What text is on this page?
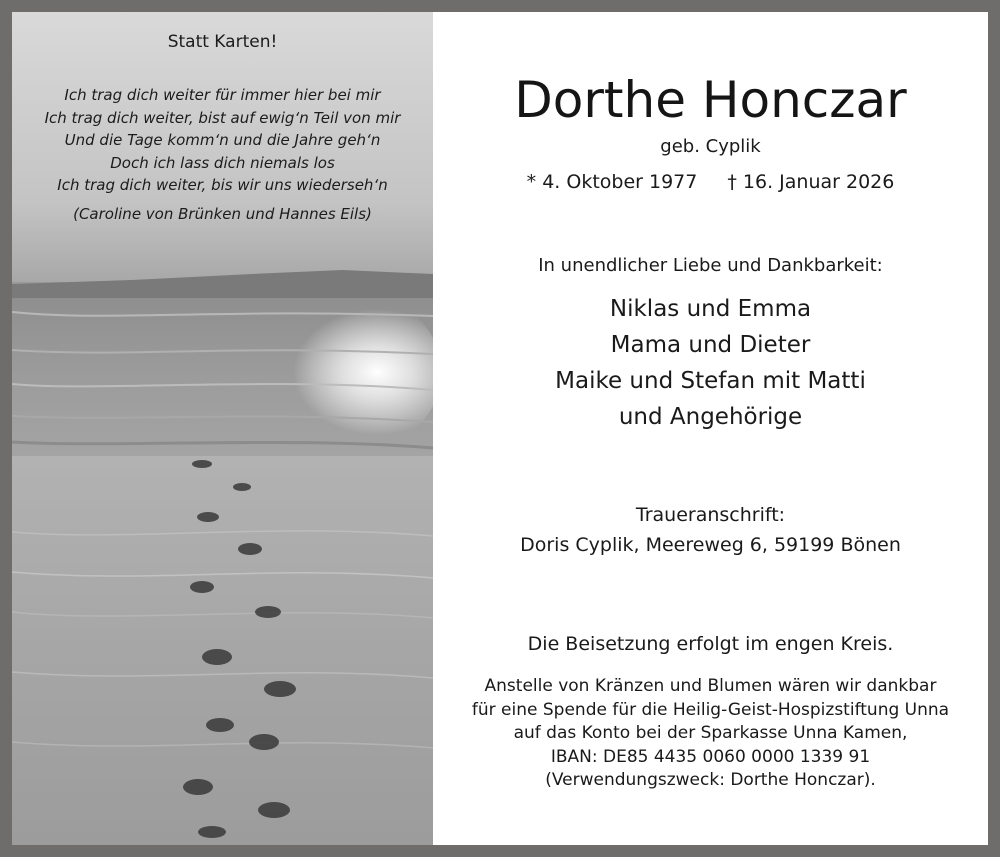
Statt Karten!
Ich trag dich weiter für immer hier bei mir
Ich trag dich weiter, bist auf ewig‘n Teil von mir
Und die Tage komm‘n und die Jahre geh‘n
Doch ich lass dich niemals los
Ich trag dich weiter, bis wir uns wiederseh‘n
(Caroline von Brünken und Hannes Eils)
Dorthe Honczar
geb. Cyplik
* 4. Oktober 1977 † 16. Januar 2026
In unendlicher Liebe und Dankbarkeit:
Niklas und Emma
Mama und Dieter
Maike und Stefan mit Matti
und Angehörige
Traueranschrift:
Doris Cyplik, Meereweg 6, 59199 Bönen
Die Beisetzung erfolgt im engen Kreis.
Anstelle von Kränzen und Blumen wären wir dankbar
für eine Spende für die Heilig-Geist-Hospizstiftung Unna
auf das Konto bei der Sparkasse Unna Kamen,
IBAN: DE85 4435 0060 0000 1339 91
(Verwendungszweck: Dorthe Honczar).
